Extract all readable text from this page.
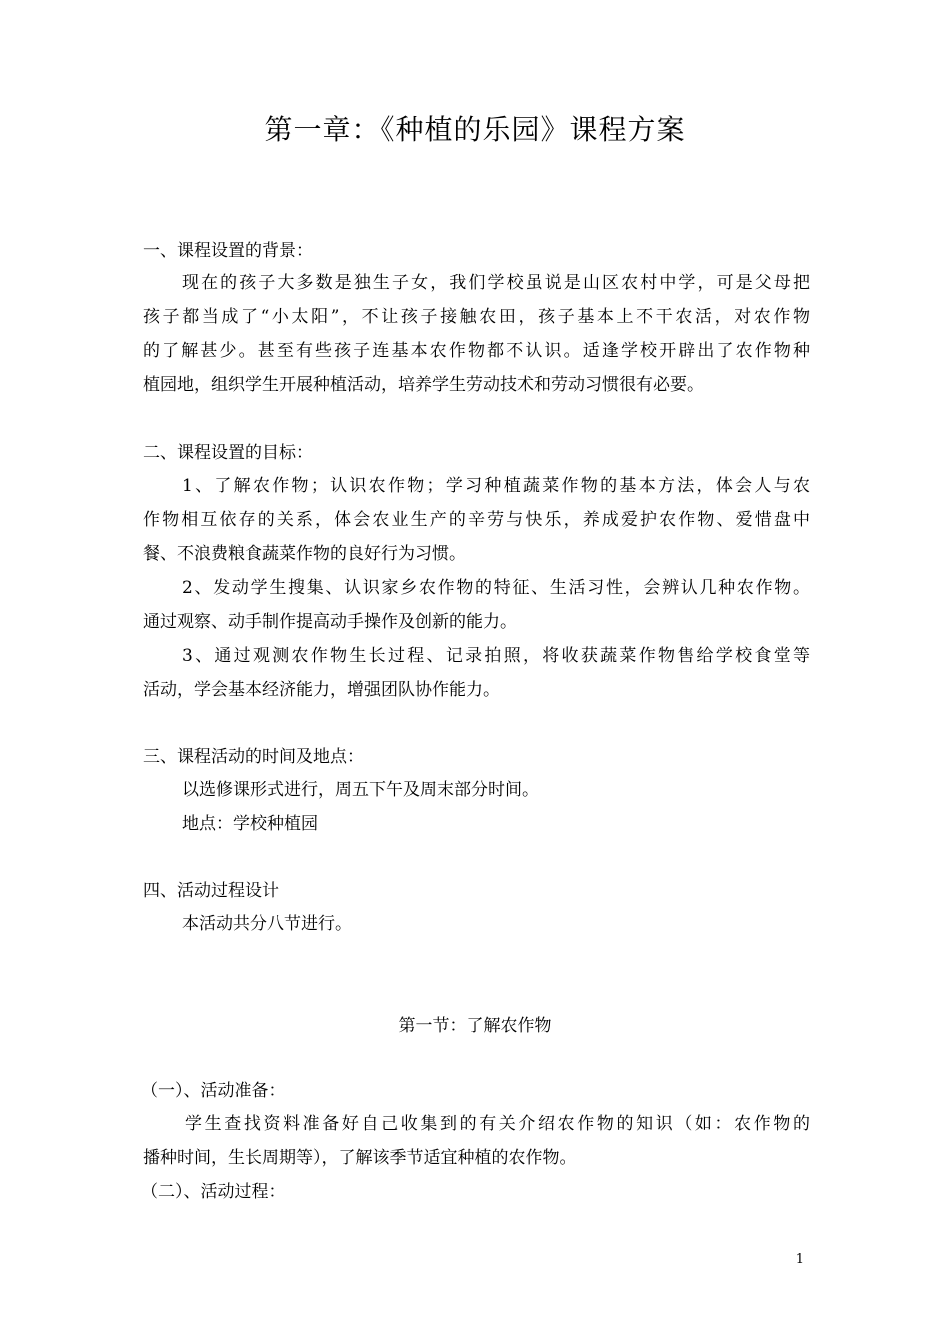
第一章：《种植的乐园》课程方案
一、课程设置的背景：
现在的孩子大多数是独生子女，我们学校虽说是山区农村中学，可是父母把
孩子都当成了“小太阳”，不让孩子接触农田，孩子基本上不干农活，对农作物
的了解甚少。甚至有些孩子连基本农作物都不认识。适逢学校开辟出了农作物种
植园地，组织学生开展种植活动，培养学生劳动技术和劳动习惯很有必要。
二、课程设置的目标：
1、了解农作物；认识农作物；学习种植蔬菜作物的基本方法，体会人与农
作物相互依存的关系，体会农业生产的辛劳与快乐，养成爱护农作物、爱惜盘中
餐、不浪费粮食蔬菜作物的良好行为习惯。
2、发动学生搜集、认识家乡农作物的特征、生活习性，会辨认几种农作物。
通过观察、动手制作提高动手操作及创新的能力。
3、通过观测农作物生长过程、记录拍照，将收获蔬菜作物售给学校食堂等
活动，学会基本经济能力，增强团队协作能力。
三、课程活动的时间及地点：
以选修课形式进行，周五下午及周末部分时间。
地点：学校种植园
四、活动过程设计
本活动共分八节进行。
第一节：了解农作物
（一）、活动准备：
学生查找资料准备好自己收集到的有关介绍农作物的知识（如：农作物的
播种时间，生长周期等），了解该季节适宜种植的农作物。
（二）、活动过程：
1
